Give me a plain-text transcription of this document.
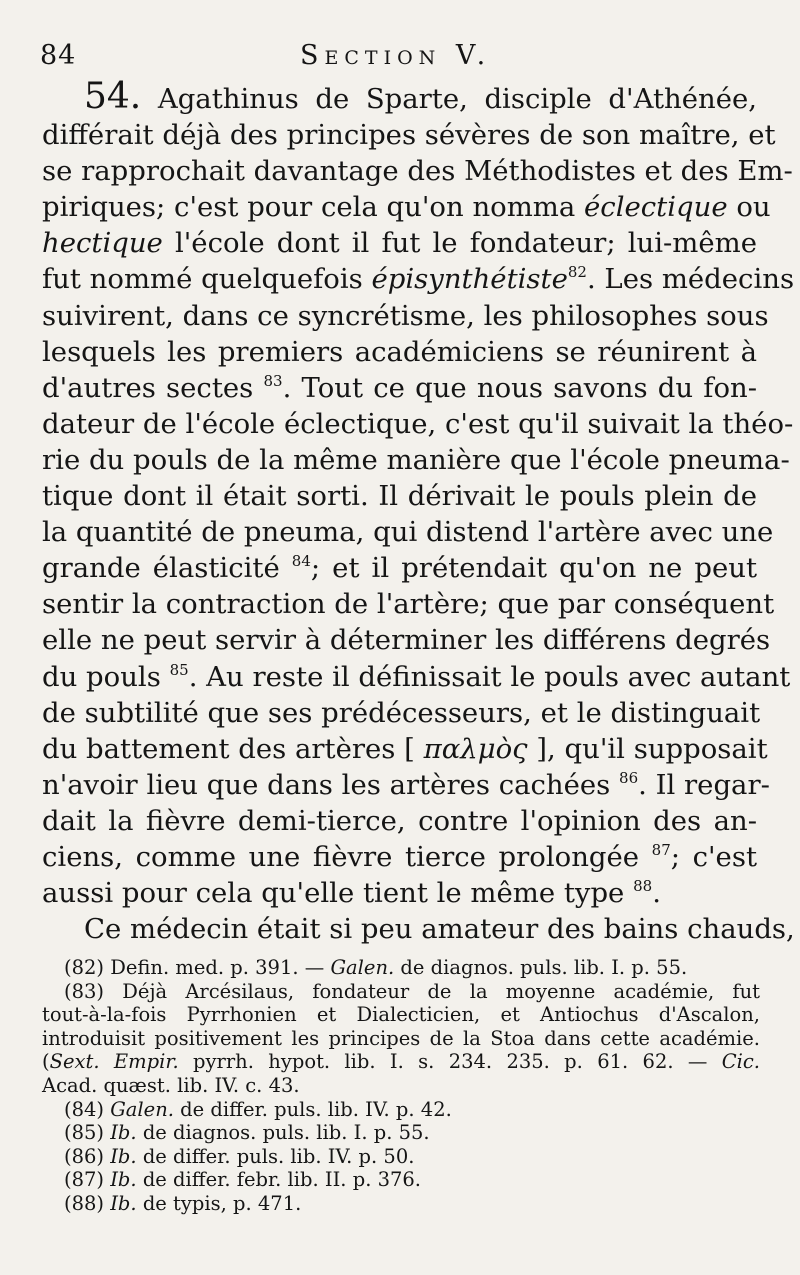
84	Section V.
54. Agathinus de Sparte, disciple d'Athénée,
différait déjà des principes sévères de son maître, et
se rapprochait davantage des Méthodistes et des Em-
piriques; c'est pour cela qu'on nomma éclectique ou
hectique l'école dont il fut le fondateur; lui-même
fut nommé quelquefois épisynthétiste$^{82}$. Les médecins
suivirent, dans ce syncrétisme, les philosophes sous
lesquels les premiers académiciens se réunirent à
d'autres sectes $^{83}$. Tout ce que nous savons du fon-
dateur de l'école éclectique, c'est qu'il suivait la théo-
rie du pouls de la même manière que l'école pneuma-
tique dont il était sorti. Il dérivait le pouls plein de
la quantité de pneuma, qui distend l'artère avec une
grande élasticité $^{84}$; et il prétendait qu'on ne peut
sentir la contraction de l'artère; que par conséquent
elle ne peut servir à déterminer les différens degrés
du pouls $^{85}$. Au reste il définissait le pouls avec autant
de subtilité que ses prédécesseurs, et le distinguait
du battement des artères [ παλμὸς ], qu'il supposait
n'avoir lieu que dans les artères cachées $^{86}$. Il regar-
dait la fièvre demi-tierce, contre l'opinion des an-
ciens, comme une fièvre tierce prolongée $^{87}$; c'est
aussi pour cela qu'elle tient le même type $^{88}$.
Ce médecin était si peu amateur des bains chauds,
(82) Defin. med. p. 391. — Galen. de diagnos. puls. lib. I. p. 55.
(83) Déjà Arcésilaus, fondateur de la moyenne académie, fut
tout-à-la-fois Pyrrhonien et Dialecticien, et Antiochus d'Ascalon,
introduisit positivement les principes de la Stoa dans cette académie.
(Sext. Empir. pyrrh. hypot. lib. I. s. 234. 235. p. 61. 62. — Cic.
Acad. quæst. lib. IV. c. 43.
(84) Galen. de differ. puls. lib. IV. p. 42.
(85) Ib. de diagnos. puls. lib. I. p. 55.
(86) Ib. de differ. puls. lib. IV. p. 50.
(87) Ib. de differ. febr. lib. II. p. 376.
(88) Ib. de typis, p. 471.
